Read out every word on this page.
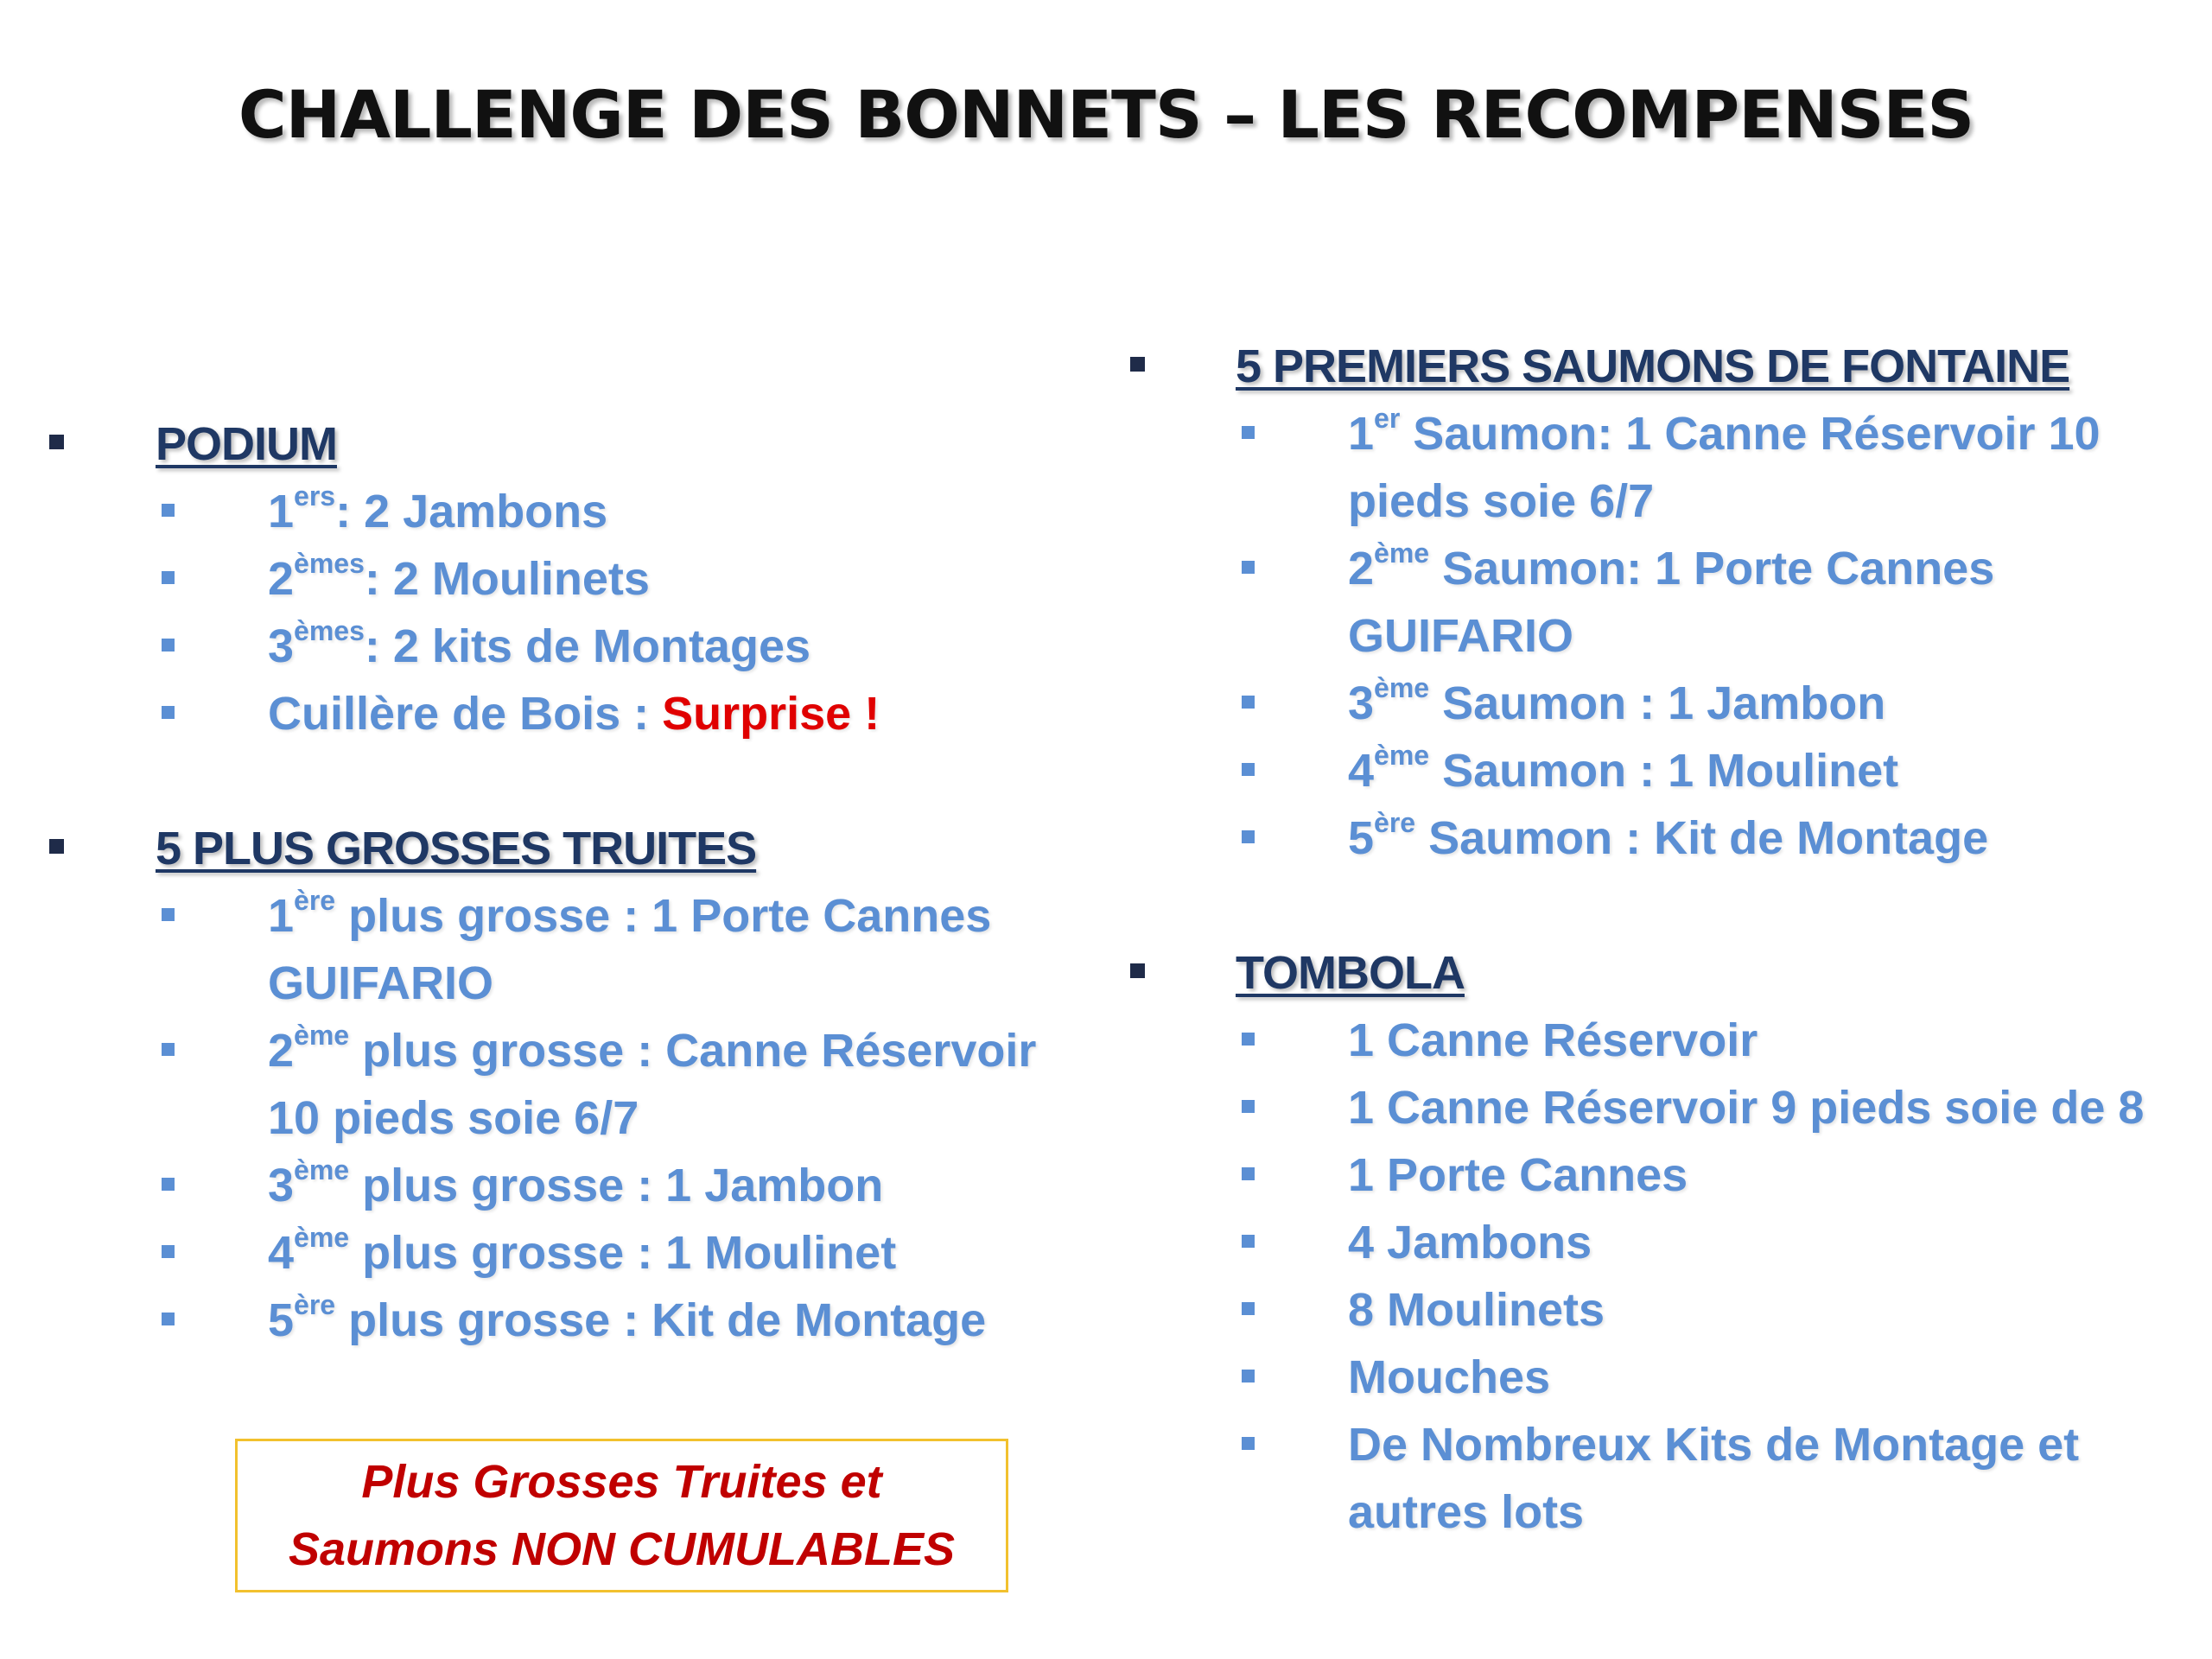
CHALLENGE DES BONNETS – LES RECOMPENSES
PODIUM
1ers: 2 Jambons
2èmes: 2 Moulinets
3èmes: 2 kits de Montages
Cuillère de Bois : Surprise !
5 PLUS GROSSES TRUITES
1ère plus grosse : 1 Porte Cannes GUIFARIO
2ème plus grosse : Canne Réservoir 10 pieds soie 6/7
3ème plus grosse : 1 Jambon
4ème plus grosse : 1 Moulinet
5ère plus grosse : Kit de Montage
Plus Grosses Truites et
Saumons NON CUMULABLES
5 PREMIERS SAUMONS DE FONTAINE
1er Saumon: 1 Canne Réservoir 10 pieds soie 6/7
2ème Saumon: 1 Porte Cannes GUIFARIO
3ème Saumon : 1 Jambon
4ème Saumon : 1 Moulinet
5ère Saumon : Kit de Montage
TOMBOLA
1 Canne Réservoir
1 Canne Réservoir 9 pieds soie de 8
1 Porte Cannes
4 Jambons
8 Moulinets
Mouches
De Nombreux Kits de Montage et autres lots
